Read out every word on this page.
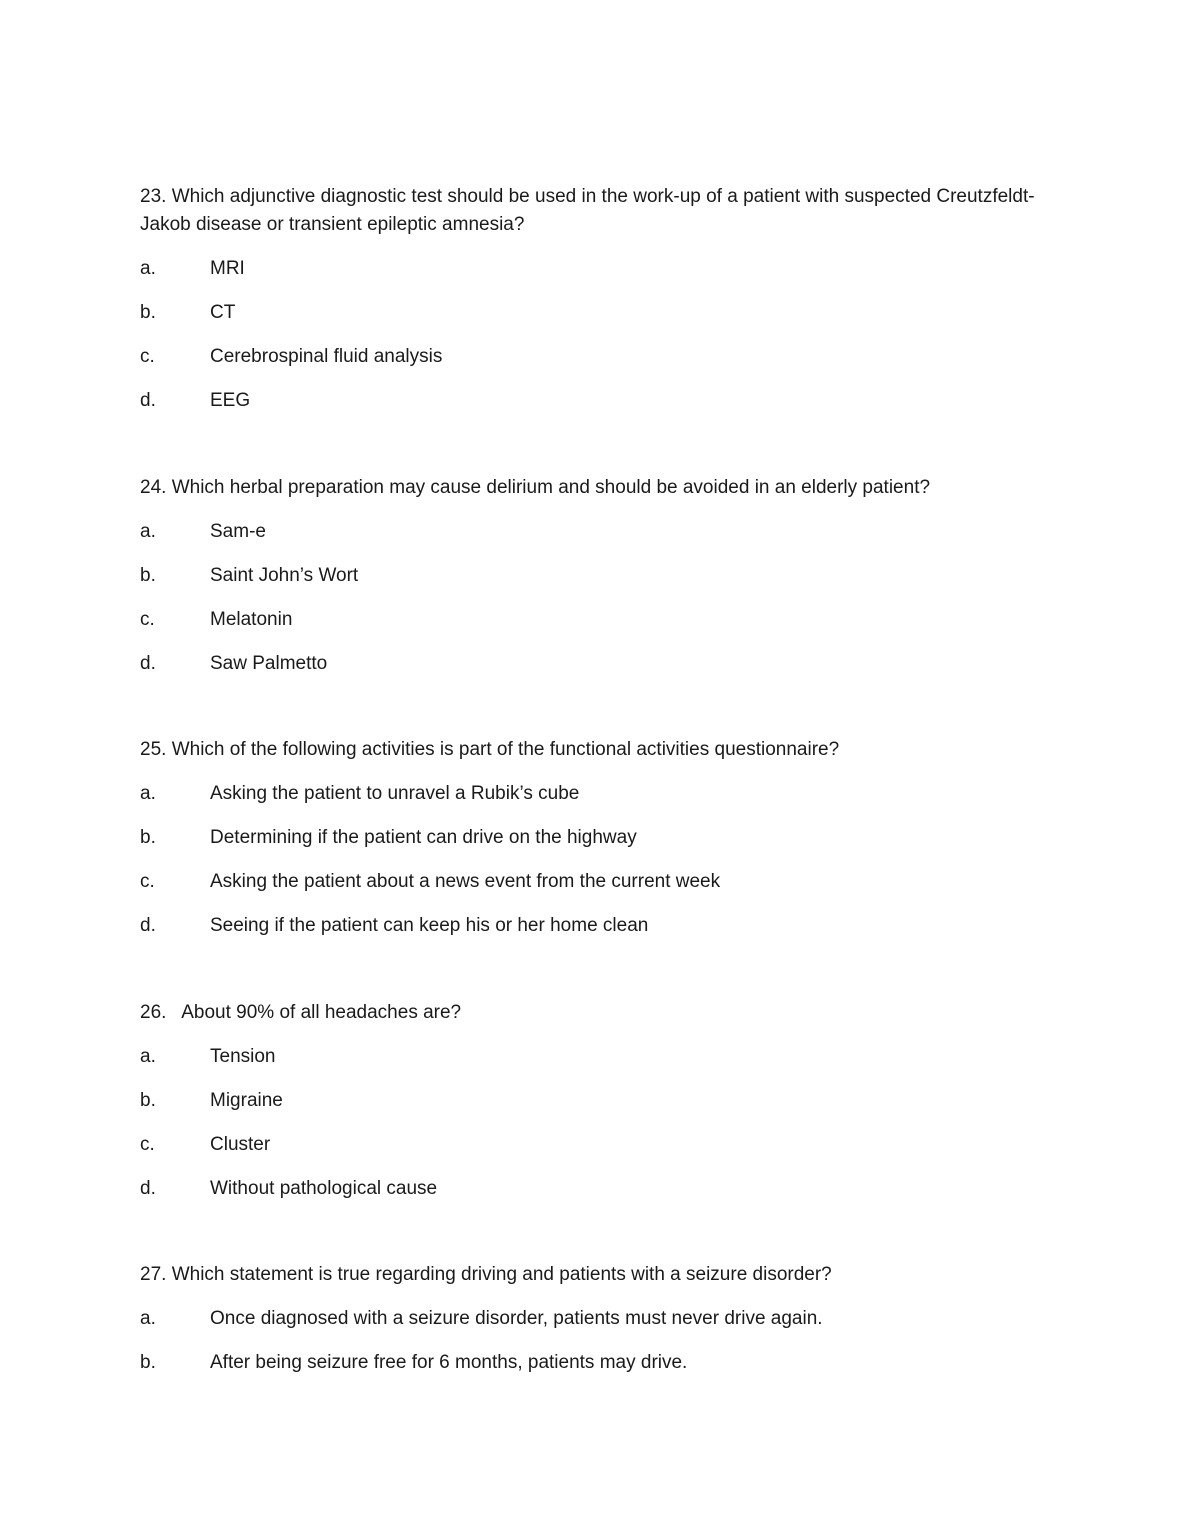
23. Which adjunctive diagnostic test should be used in the work-up of a patient with suspected Creutzfeldt-Jakob disease or transient epileptic amnesia?

a.	MRI
b.	CT
c.	Cerebrospinal fluid analysis
d.	EEG

24. Which herbal preparation may cause delirium and should be avoided in an elderly patient?

a.	Sam-e
b.	Saint John’s Wort
c.	Melatonin
d.	Saw Palmetto

25. Which of the following activities is part of the functional activities questionnaire?

a.	Asking the patient to unravel a Rubik’s cube
b.	Determining if the patient can drive on the highway
c.	Asking the patient about a news event from the current week
d.	Seeing if the patient can keep his or her home clean

26.   About 90% of all headaches are?

a.	Tension
b.	Migraine
c.	Cluster
d.	Without pathological cause

27. Which statement is true regarding driving and patients with a seizure disorder?

a.	Once diagnosed with a seizure disorder, patients must never drive again.
b.	After being seizure free for 6 months, patients may drive.
